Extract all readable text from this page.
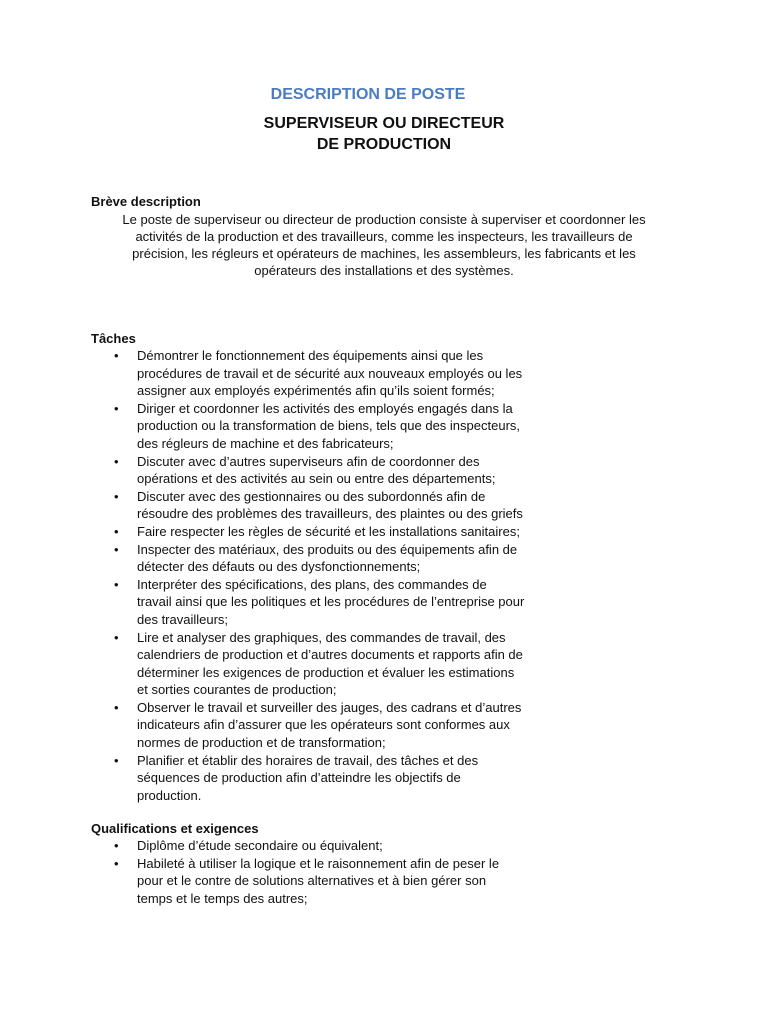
DESCRIPTION DE POSTE
SUPERVISEUR OU DIRECTEUR
DE PRODUCTION
Brève description

Le poste de superviseur ou directeur de production consiste à superviser et coordonner les
activités de la production et des travailleurs, comme les inspecteurs, les travailleurs de
précision, les régleurs et opérateurs de machines, les assembleurs, les fabricants et les
opérateurs des installations et des systèmes.

Tâches
•	Démontrer le fonctionnement des équipements ainsi que les
procédures de travail et de sécurité aux nouveaux employés ou les
assigner aux employés expérimentés afin qu’ils soient formés;
•	Diriger et coordonner les activités des employés engagés dans la
production ou la transformation de biens, tels que des inspecteurs,
des régleurs de machine et des fabricateurs;
•	Discuter avec d’autres superviseurs afin de coordonner des
opérations et des activités au sein ou entre des départements;
•	Discuter avec des gestionnaires ou des subordonnés afin de
résoudre des problèmes des travailleurs, des plaintes ou des griefs
•	Faire respecter les règles de sécurité et les installations sanitaires;
•	Inspecter des matériaux, des produits ou des équipements afin de
détecter des défauts ou des dysfonctionnements;
•	Interpréter des spécifications, des plans, des commandes de
travail ainsi que les politiques et les procédures de l’entreprise pour
des travailleurs;
•	Lire et analyser des graphiques, des commandes de travail, des
calendriers de production et d’autres documents et rapports afin de
déterminer les exigences de production et évaluer les estimations
et sorties courantes de production;
•	Observer le travail et surveiller des jauges, des cadrans et d’autres
indicateurs afin d’assurer que les opérateurs sont conformes aux
normes de production et de transformation;
•	Planifier et établir des horaires de travail, des tâches et des
séquences de production afin d’atteindre les objectifs de
production.
Qualifications et exigences
•	Diplôme d’étude secondaire ou équivalent;
•	Habileté à utiliser la logique et le raisonnement afin de peser le
pour et le contre de solutions alternatives et à bien gérer son
temps et le temps des autres;
